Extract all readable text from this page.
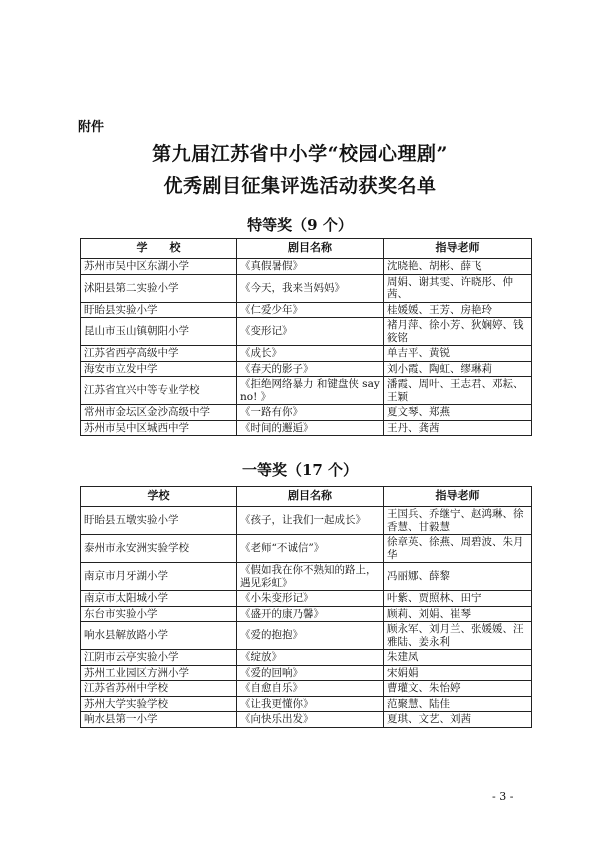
附件
第九届江苏省中小学“校园心理剧”
优秀剧目征集评选活动获奖名单
特等奖（9 个）
学　　校	剧目名称	指导老师
苏州市吴中区东湖小学	《真假暑假》	沈晓艳、胡彬、薛飞
沭阳县第二实验小学	《今天，我来当妈妈》	周娟、谢其雯、许晓彤、仲茜、
盱眙县实验小学	《仁爱少年》	桂媛媛、王芳、房艳玲
昆山市玉山镇朝阳小学	《变形记》	褚月萍、徐小芳、狄娴婷、钱筱铭
江苏省西亭高级中学	《成长》	单吉平、黄锐
海安市立发中学	《春天的影子》	刘小霞、陶虹、缪琳莉
江苏省宜兴中等专业学校	《拒绝网络暴力 和键盘侠 say no! 》	潘霞、周叶、王志君、邓耘、王颖
常州市金坛区金沙高级中学	《一路有你》	夏文琴、郑燕
苏州市吴中区城西中学	《时间的邂逅》	王丹、龚茜
一等奖（17 个）
学校	剧目名称	指导老师
盱眙县五墩实验小学	《孩子，让我们一起成长》	王国兵、乔继宁、赵鸿琳、徐香慧、甘毅慧
泰州市永安洲实验学校	《老师“不诚信”》	徐章英、徐燕、周碧波、朱月华
南京市月牙湖小学	《假如我在你不熟知的路上，遇见彩虹》	冯丽娜、薛黎
南京市太阳城小学	《小朱变形记》	叶紫、贾照林、田宁
东台市实验小学	《盛开的康乃馨》	顾莉、刘娟、崔琴
响水县解放路小学	《爱的抱抱》	顾永军、刘月兰、张媛媛、汪雅陆、姜永利
江阴市云亭实验小学	《绽放》	朱建凤
苏州工业园区方洲小学	《爱的回响》	宋娟娟
江苏省苏州中学校	《自愈自乐》	曹瓘文、朱怡婷
苏州大学实验学校	《让我更懂你》	范聚慧、陆佳
响水县第一小学	《向快乐出发》	夏琪、文艺、刘茜
- 3 -
